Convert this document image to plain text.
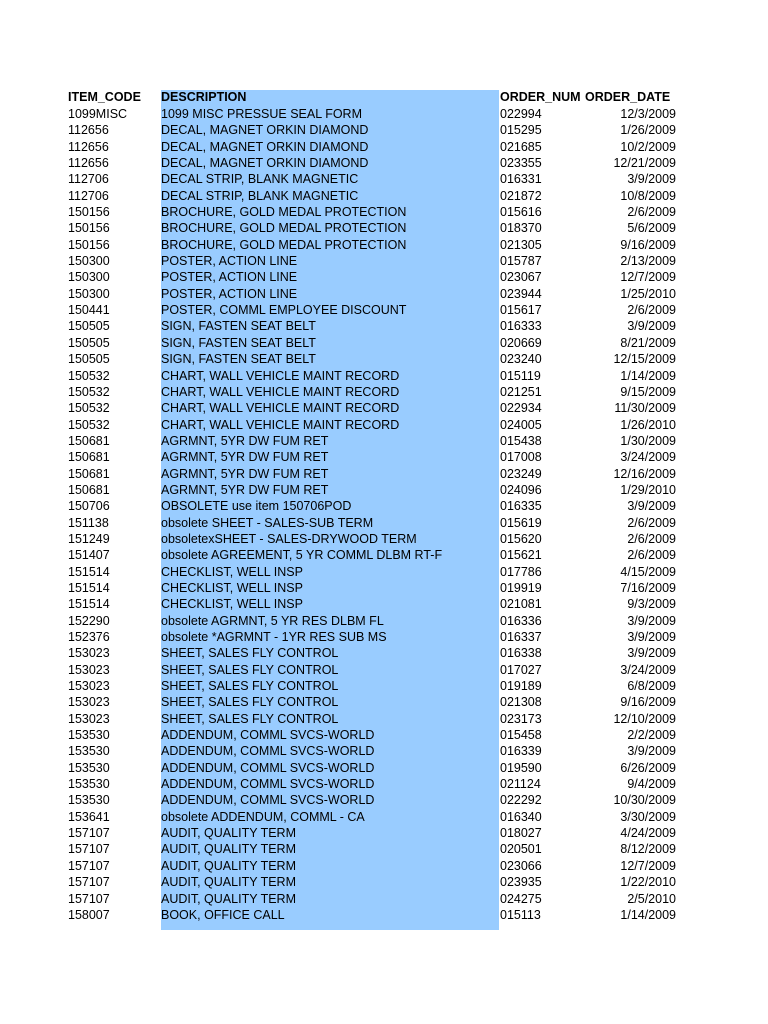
ITEM_CODE	DESCRIPTION	ORDER_NUM	ORDER_DATE
1099MISC	1099 MISC PRESSUE SEAL FORM	022994	12/3/2009
112656	DECAL, MAGNET ORKIN DIAMOND	015295	1/26/2009
112656	DECAL, MAGNET ORKIN DIAMOND	021685	10/2/2009
112656	DECAL, MAGNET ORKIN DIAMOND	023355	12/21/2009
112706	DECAL STRIP, BLANK MAGNETIC	016331	3/9/2009
112706	DECAL STRIP, BLANK MAGNETIC	021872	10/8/2009
150156	BROCHURE, GOLD MEDAL PROTECTION	015616	2/6/2009
150156	BROCHURE, GOLD MEDAL PROTECTION	018370	5/6/2009
150156	BROCHURE, GOLD MEDAL PROTECTION	021305	9/16/2009
150300	POSTER, ACTION LINE	015787	2/13/2009
150300	POSTER, ACTION LINE	023067	12/7/2009
150300	POSTER, ACTION LINE	023944	1/25/2010
150441	POSTER, COMML EMPLOYEE DISCOUNT	015617	2/6/2009
150505	SIGN, FASTEN SEAT BELT	016333	3/9/2009
150505	SIGN, FASTEN SEAT BELT	020669	8/21/2009
150505	SIGN, FASTEN SEAT BELT	023240	12/15/2009
150532	CHART, WALL VEHICLE MAINT RECORD	015119	1/14/2009
150532	CHART, WALL VEHICLE MAINT RECORD	021251	9/15/2009
150532	CHART, WALL VEHICLE MAINT RECORD	022934	11/30/2009
150532	CHART, WALL VEHICLE MAINT RECORD	024005	1/26/2010
150681	AGRMNT, 5YR DW FUM RET	015438	1/30/2009
150681	AGRMNT, 5YR DW FUM RET	017008	3/24/2009
150681	AGRMNT, 5YR DW FUM RET	023249	12/16/2009
150681	AGRMNT, 5YR DW FUM RET	024096	1/29/2010
150706	OBSOLETE use item 150706POD	016335	3/9/2009
151138	obsolete SHEET - SALES-SUB TERM	015619	2/6/2009
151249	obsoletexSHEET - SALES-DRYWOOD TERM	015620	2/6/2009
151407	obsolete AGREEMENT, 5 YR COMML DLBM RT-F	015621	2/6/2009
151514	CHECKLIST, WELL INSP	017786	4/15/2009
151514	CHECKLIST, WELL INSP	019919	7/16/2009
151514	CHECKLIST, WELL INSP	021081	9/3/2009
152290	obsolete AGRMNT, 5 YR RES DLBM FL	016336	3/9/2009
152376	obsolete *AGRMNT - 1YR RES SUB MS	016337	3/9/2009
153023	SHEET, SALES FLY CONTROL	016338	3/9/2009
153023	SHEET, SALES FLY CONTROL	017027	3/24/2009
153023	SHEET, SALES FLY CONTROL	019189	6/8/2009
153023	SHEET, SALES FLY CONTROL	021308	9/16/2009
153023	SHEET, SALES FLY CONTROL	023173	12/10/2009
153530	ADDENDUM, COMML SVCS-WORLD	015458	2/2/2009
153530	ADDENDUM, COMML SVCS-WORLD	016339	3/9/2009
153530	ADDENDUM, COMML SVCS-WORLD	019590	6/26/2009
153530	ADDENDUM, COMML SVCS-WORLD	021124	9/4/2009
153530	ADDENDUM, COMML SVCS-WORLD	022292	10/30/2009
153641	obsolete ADDENDUM, COMML - CA	016340	3/30/2009
157107	AUDIT, QUALITY TERM	018027	4/24/2009
157107	AUDIT, QUALITY TERM	020501	8/12/2009
157107	AUDIT, QUALITY TERM	023066	12/7/2009
157107	AUDIT, QUALITY TERM	023935	1/22/2010
157107	AUDIT, QUALITY TERM	024275	2/5/2010
158007	BOOK, OFFICE CALL	015113	1/14/2009
